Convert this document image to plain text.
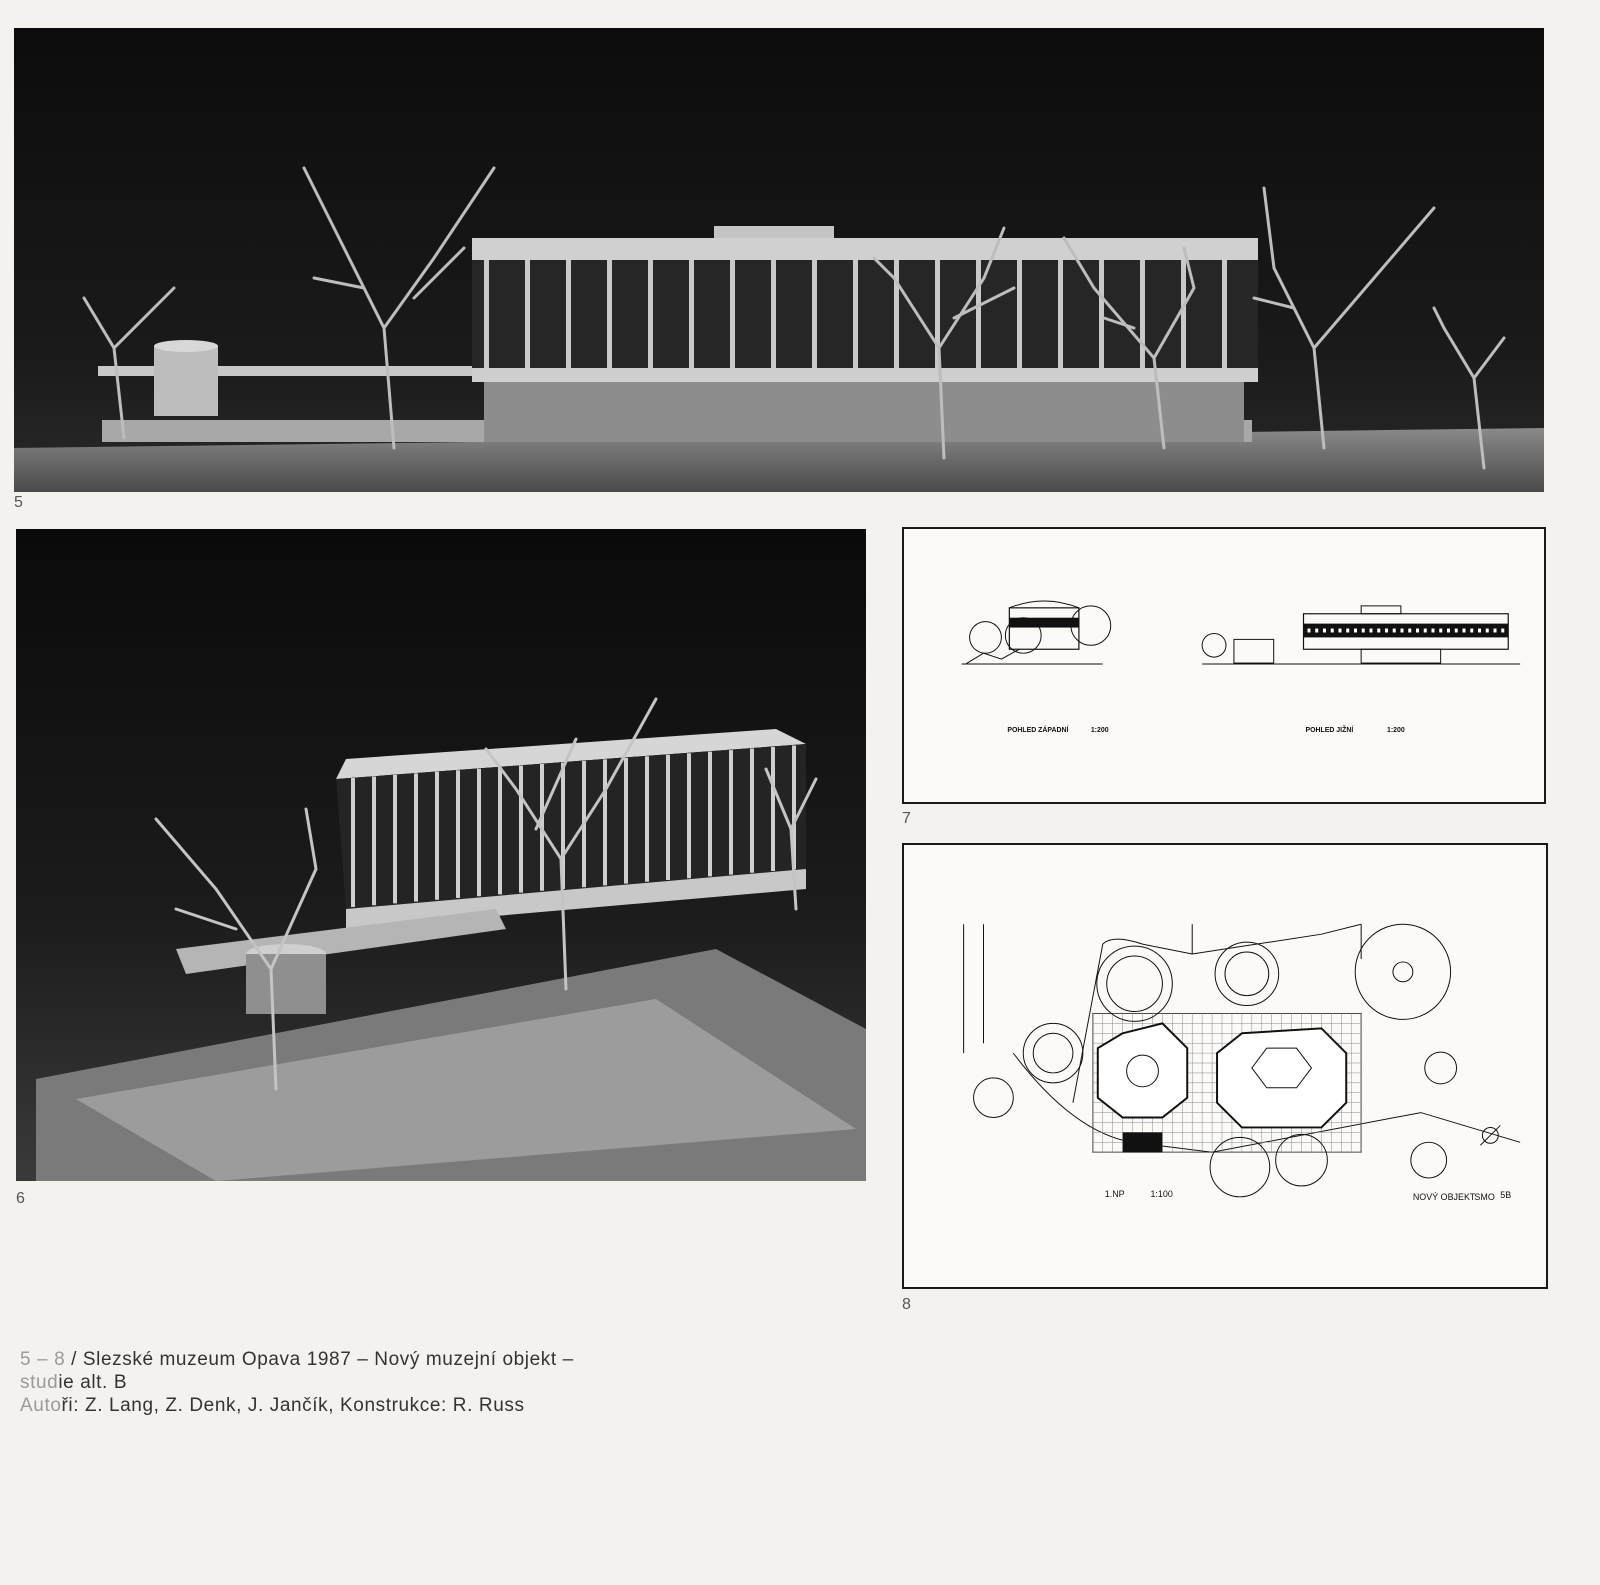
5
6
POHLED ZÁPADNÍ	1:200	POHLED JIŽNÍ	1:200
7
1.NP	1:100	NOVÝ OBJEKT SMO 5B
8
5 – 8 / Slezské muzeum Opava 1987 – Nový muzejní objekt –
studie alt. B
Autoři: Z. Lang, Z. Denk, J. Jančík, Konstrukce: R. Russ
